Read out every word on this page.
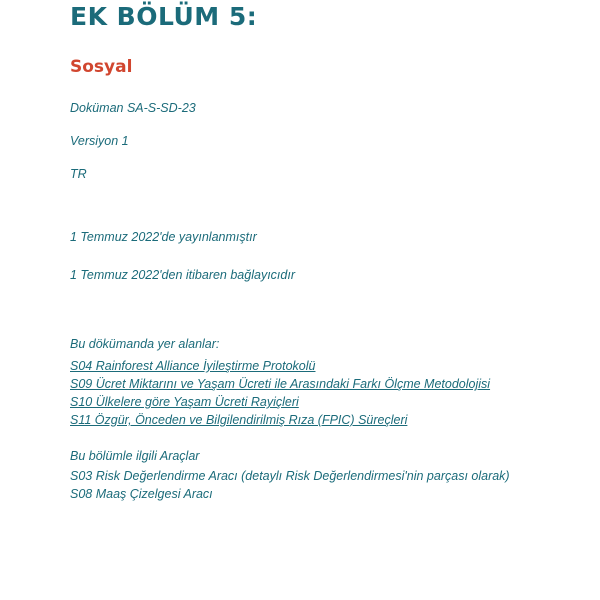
EK BÖLÜM 5:
Sosyal

Doküman SA-S-SD-23

Versiyon 1

TR

1 Temmuz 2022'de yayınlanmıştır

1 Temmuz 2022'den itibaren bağlayıcıdır

Bu dökümanda yer alanlar:

S04 Rainforest Alliance İyileştirme Protokolü
S09 Ücret Miktarını ve Yaşam Ücreti ile Arasındaki Farkı Ölçme Metodolojisi
S10 Ülkelere göre Yaşam Ücreti Rayiçleri
S11 Özgür, Önceden ve Bilgilendirilmiş Rıza (FPIC) Süreçleri

Bu bölümle ilgili Araçlar

S03 Risk Değerlendirme Aracı (detaylı Risk Değerlendirmesi'nin parçası olarak)

S08 Maaş Çizelgesi Aracı
